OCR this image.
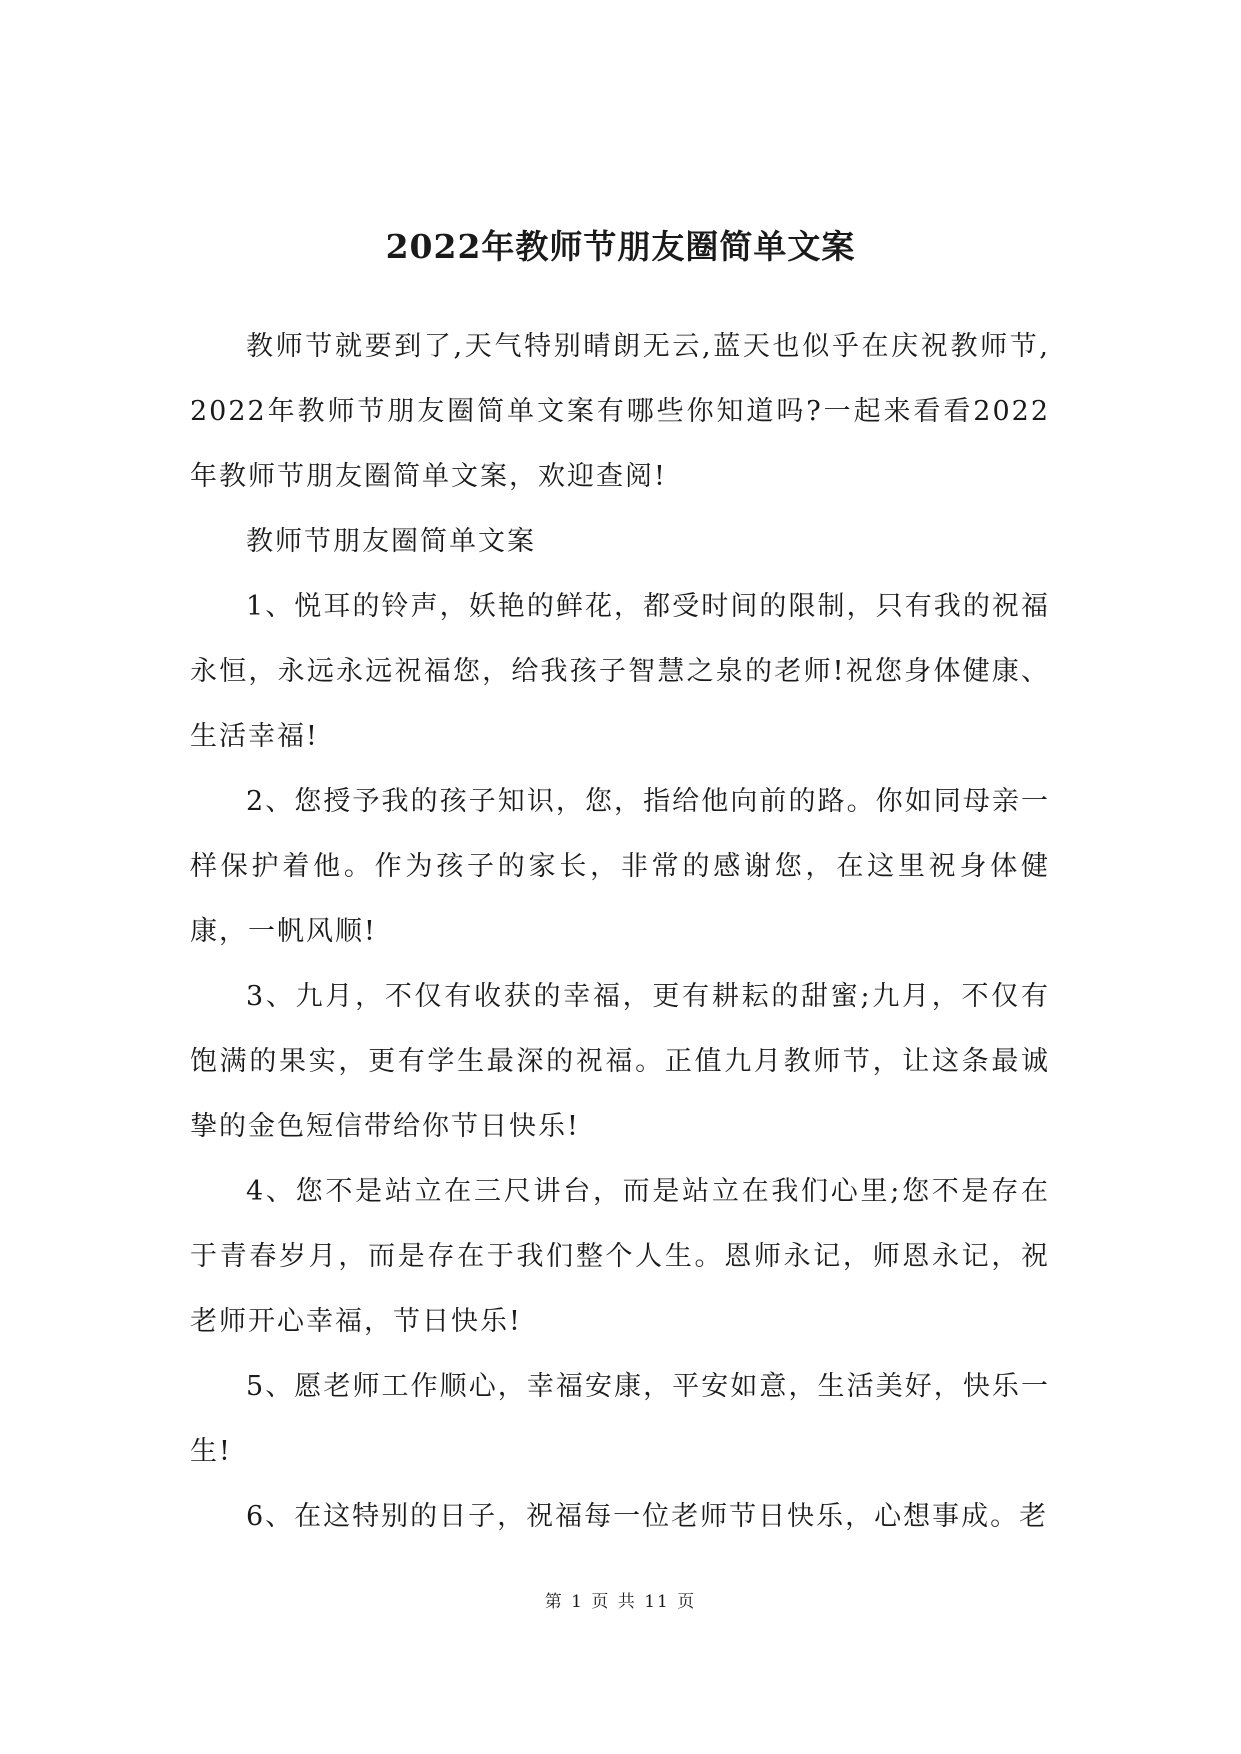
2022年教师节朋友圈简单文案

教师节就要到了,天气特别晴朗无云,蓝天也似乎在庆祝教师节, 2022年教师节朋友圈简单文案有哪些你知道吗?一起来看看2022年教师节朋友圈简单文案，欢迎查阅!

教师节朋友圈简单文案

1、悦耳的铃声，妖艳的鲜花，都受时间的限制，只有我的祝福永恒，永远永远祝福您，给我孩子智慧之泉的老师!祝您身体健康、生活幸福!

2、您授予我的孩子知识，您，指给他向前的路。你如同母亲一样保护着他。作为孩子的家长，非常的感谢您，在这里祝身体健康，一帆风顺!

3、九月，不仅有收获的幸福，更有耕耘的甜蜜;九月，不仅有饱满的果实，更有学生最深的祝福。正值九月教师节，让这条最诚挚的金色短信带给你节日快乐!

4、您不是站立在三尺讲台，而是站立在我们心里;您不是存在于青春岁月，而是存在于我们整个人生。恩师永记，师恩永记，祝老师开心幸福，节日快乐!

5、愿老师工作顺心，幸福安康，平安如意，生活美好，快乐一生!

6、在这特别的日子，祝福每一位老师节日快乐，心想事成。老

第 1 页 共 11 页
